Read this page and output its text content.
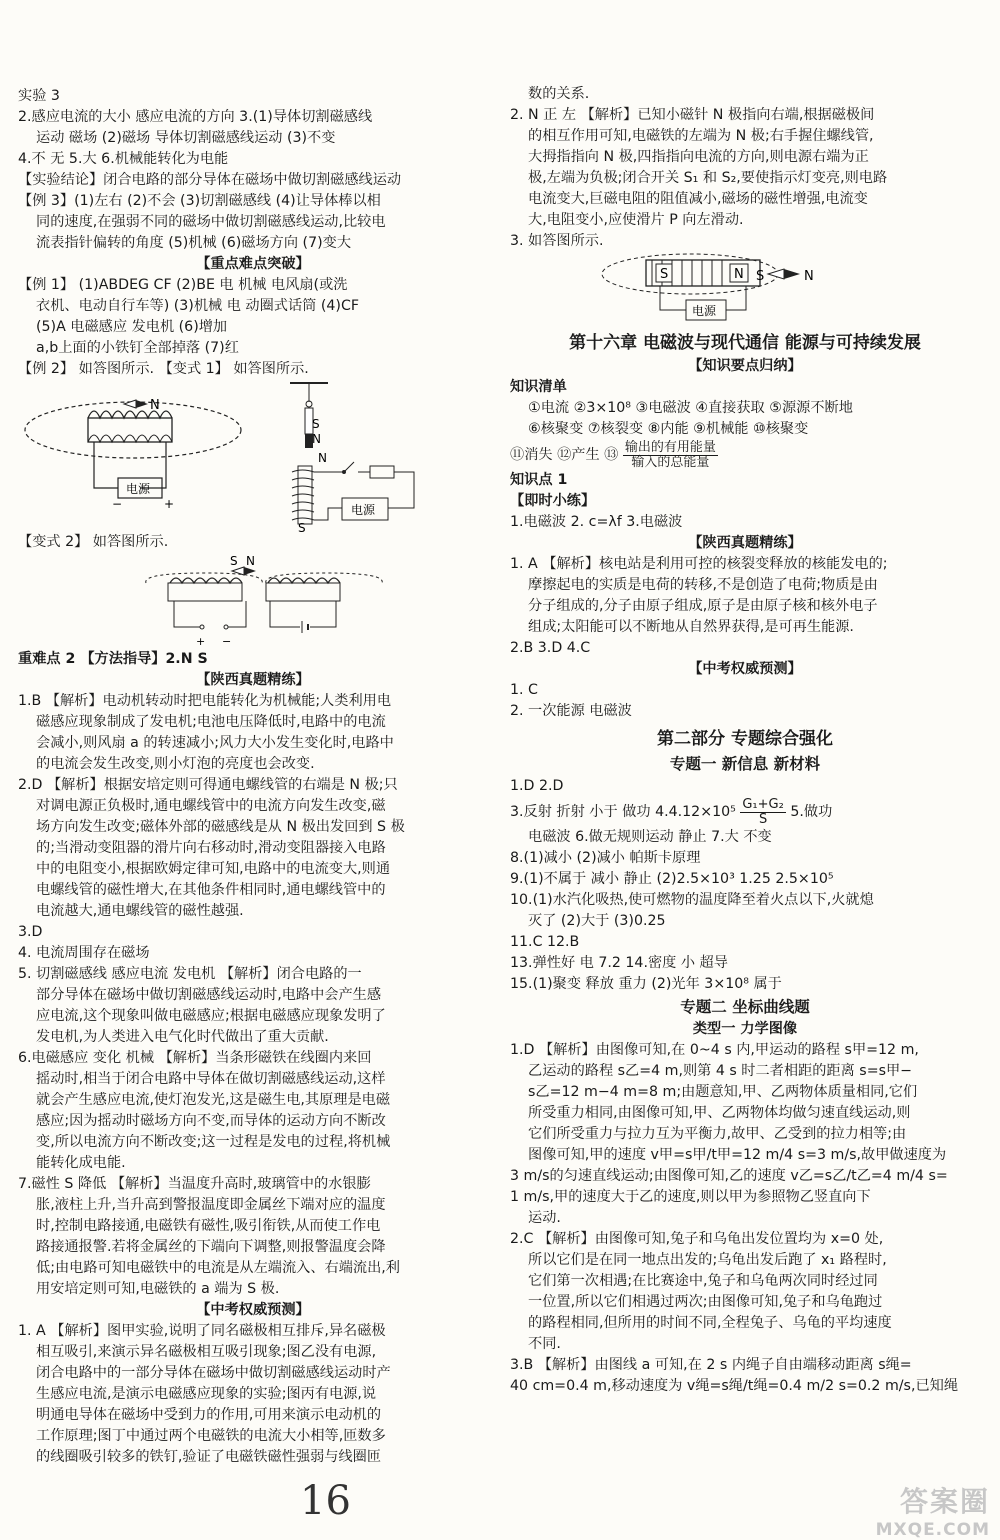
实验 3
2.感应电流的大小 感应电流的方向 3.(1)导体切割磁感线
运动 磁场 (2)磁场 导体切割磁感线运动 (3)不变
4.不 无 5.大 6.机械能转化为电能
【实验结论】闭合电路的部分导体在磁场中做切割磁感线运动
【例 3】(1)左右 (2)不会 (3)切割磁感线 (4)让导体棒以相
同的速度,在强弱不同的磁场中做切割磁感线运动,比较电
流表指针偏转的角度 (5)机械 (6)磁场方向 (7)变大
【重点难点突破】
【例 1】 (1)ABDEG CF (2)BE 电 机械 电风扇(或洗
衣机、电动自行车等) (3)机械 电 动圈式话筒 (4)CF
(5)A 电磁感应 发电机 (6)增加
a,b上面的小铁钉全部掉落 (7)红
【例 2】 如答图所示. 【变式 1】 如答图所示.
N
电源
−	+
S
N
N
S
电源
【变式 2】 如答图所示.
S N
+ −
重难点 2 【方法指导】2.N S
【陕西真题精练】
1.B 【解析】电动机转动时把电能转化为机械能;人类利用电
磁感应现象制成了发电机;电池电压降低时,电路中的电流
会减小,则风扇 a 的转速减小;风力大小发生变化时,电路中
的电流会发生改变,则小灯泡的亮度也会改变.
2.D 【解析】根据安培定则可得通电螺线管的右端是 N 极;只
对调电源正负极时,通电螺线管中的电流方向发生改变,磁
场方向发生改变;磁体外部的磁感线是从 N 极出发回到 S 极
的;当滑动变阻器的滑片向右移动时,滑动变阻器接入电路
中的电阻变小,根据欧姆定律可知,电路中的电流变大,则通
电螺线管的磁性增大,在其他条件相同时,通电螺线管中的
电流越大,通电螺线管的磁性越强.
3.D
4. 电流周围存在磁场
5. 切割磁感线 感应电流 发电机 【解析】闭合电路的一
部分导体在磁场中做切割磁感线运动时,电路中会产生感
应电流,这个现象叫做电磁感应;根据电磁感应现象发明了
发电机,为人类进入电气化时代做出了重大贡献.
6.电磁感应 变化 机械 【解析】当条形磁铁在线圈内来回
摇动时,相当于闭合电路中导体在做切割磁感线运动,这样
就会产生感应电流,使灯泡发光,这是磁生电,其原理是电磁
感应;因为摇动时磁场方向不变,而导体的运动方向不断改
变,所以电流方向不断改变;这一过程是发电的过程,将机械
能转化成电能.
7.磁性 S 降低 【解析】当温度升高时,玻璃管中的水银膨
胀,液柱上升,当升高到警报温度即金属丝下端对应的温度
时,控制电路接通,电磁铁有磁性,吸引衔铁,从而使工作电
路接通报警.若将金属丝的下端向下调整,则报警温度会降
低;由电路可知电磁铁中的电流是从左端流入、右端流出,利
用安培定则可知,电磁铁的 a 端为 S 极.
【中考权威预测】
1. A 【解析】图甲实验,说明了同名磁极相互排斥,异名磁极
相互吸引,来演示异名磁极相互吸引现象;图乙没有电源,
闭合电路中的一部分导体在磁场中做切割磁感线运动时产
生感应电流,是演示电磁感应现象的实验;图丙有电源,说
明通电导体在磁场中受到力的作用,可用来演示电动机的
工作原理;图丁中通过两个电磁铁的电流大小相等,匝数多
的线圈吸引较多的铁钉,验证了电磁铁磁性强弱与线圈匝
数的关系.
2. N 正 左 【解析】已知小磁针 N 极指向右端,根据磁极间
的相互作用可知,电磁铁的左端为 N 极;右手握住螺线管,
大拇指指向 N 极,四指指向电流的方向,则电源右端为正
极,左端为负极;闭合开关 S₁ 和 S₂,要使指示灯变亮,则电路
电流变大,巨磁电阻的阻值减小,磁场的磁性增强,电流变
大,电阻变小,应使滑片 P 向左滑动.
3. 如答图所示.
S	N S	N
电源
第十六章 电磁波与现代通信 能源与可持续发展
【知识要点归纳】
知识清单
①电流 ②3×10⁸ ③电磁波 ④直接获取 ⑤源源不断地
⑥核聚变 ⑦核裂变 ⑧内能 ⑨机械能 ⑩核聚变
⑪消失 ⑫产生 ⑬ $\frac{\text{输出的有用能量}}{\text{输入的总能量}}$
知识点 1
【即时小练】
1.电磁波 2. c=λf 3.电磁波
【陕西真题精练】
1. A 【解析】核电站是利用可控的核裂变释放的核能发电的;
摩擦起电的实质是电荷的转移,不是创造了电荷;物质是由
分子组成的,分子由原子组成,原子是由原子核和核外电子
组成;太阳能可以不断地从自然界获得,是可再生能源.
2.B 3.D 4.C
【中考权威预测】
1. C
2. 一次能源 电磁波
第二部分 专题综合强化
专题一 新信息 新材料
1.D 2.D
3.反射 折射 小于 做功 $4.4.12\times 10^5 \frac{\text{G₁+G₂}}{S} 5$.做功
电磁波 6.做无规则运动 静止 7.大 不变
8.(1)减小 (2)减小 帕斯卡原理
9.(1)不属于 减小 静止 (2)2.5×10³ 1.25 2.5×10⁵
10.(1)水汽化吸热,使可燃物的温度降至着火点以下,火就熄
灭了 (2)大于 (3)0.25
11.C 12.B
13.弹性好 电 7.2 14.密度 小 超导
15.(1)聚变 释放 重力 (2)光年 3×10⁸ 属于
专题二 坐标曲线题
类型一 力学图像
1.D 【解析】由图像可知,在 0~4 s 内,甲运动的路程 s甲=12 m,
乙运动的路程 s乙=4 m,则第 4 s 时二者相距的距离 s=s甲−
s乙=12 m−4 m=8 m;由题意知,甲、乙两物体质量相同,它们
所受重力相同,由图像可知,甲、乙两物体均做匀速直线运动,则
它们所受重力与拉力互为平衡力,故甲、乙受到的拉力相等;由
图像可知,甲的速度 v甲=s甲/t甲=12 m/4 s=3 m/s,故甲做速度为
3 m/s的匀速直线运动;由图像可知,乙的速度 v乙=s乙/t乙=4 m/4 s=
1 m/s,甲的速度大于乙的速度,则以甲为参照物乙竖直向下
运动.
2.C 【解析】由图像可知,兔子和乌龟出发位置均为 x=0 处,
所以它们是在同一地点出发的;乌龟出发后跑了 x₁ 路程时,
它们第一次相遇;在比赛途中,兔子和乌龟两次同时经过同
一位置,所以它们相遇过两次;由图像可知,兔子和乌龟跑过
的路程相同,但所用的时间不同,全程兔子、乌龟的平均速度
不同.
3.B 【解析】由图线 a 可知,在 2 s 内绳子自由端移动距离 s绳=
40 cm=0.4 m,移动速度为 v绳=s绳/t绳=0.4 m/2 s=0.2 m/s,已知绳
16	答案圈
MXQE.COM
